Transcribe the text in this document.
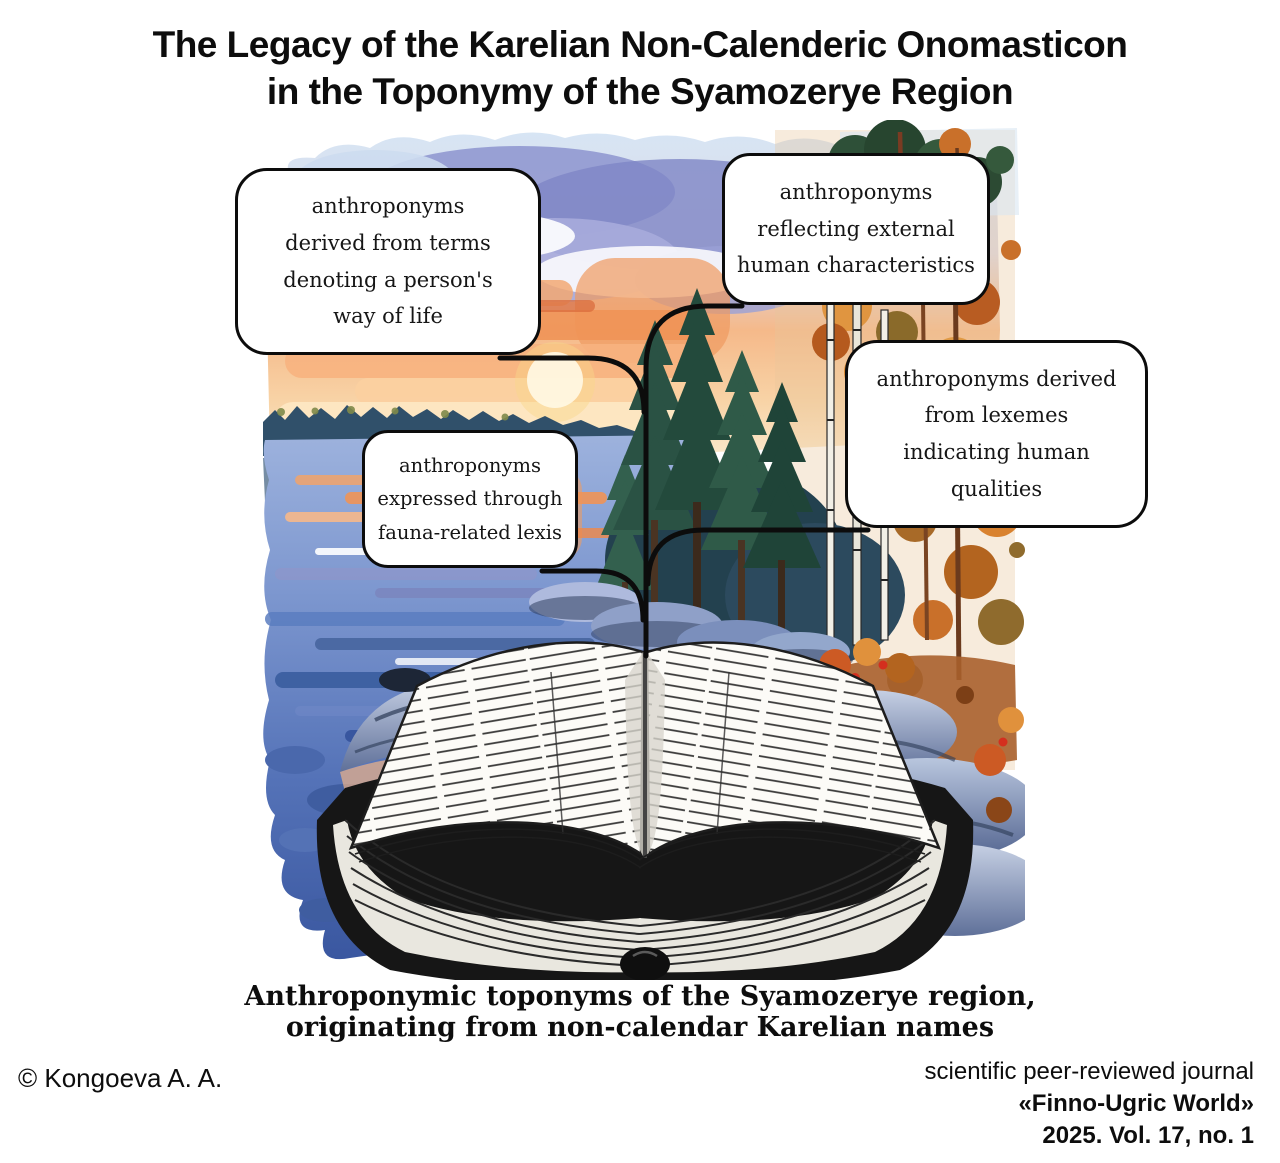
The Legacy of the Karelian Non-Calenderic Onomasticon
in the Toponymy of the Syamozerye Region
anthroponyms
derived from terms
denoting a person's
way of life
anthroponyms
reflecting external
human characteristics
anthroponyms derived
from lexemes
indicating human
qualities
anthroponyms
expressed through
fauna-related lexis
Anthroponymic toponyms of the Syamozerye region,
originating from non-calendar Karelian names
© Kongoeva A. A.	scientific peer-reviewed journal
«Finno-Ugric World»
2025. Vol. 17, no. 1
